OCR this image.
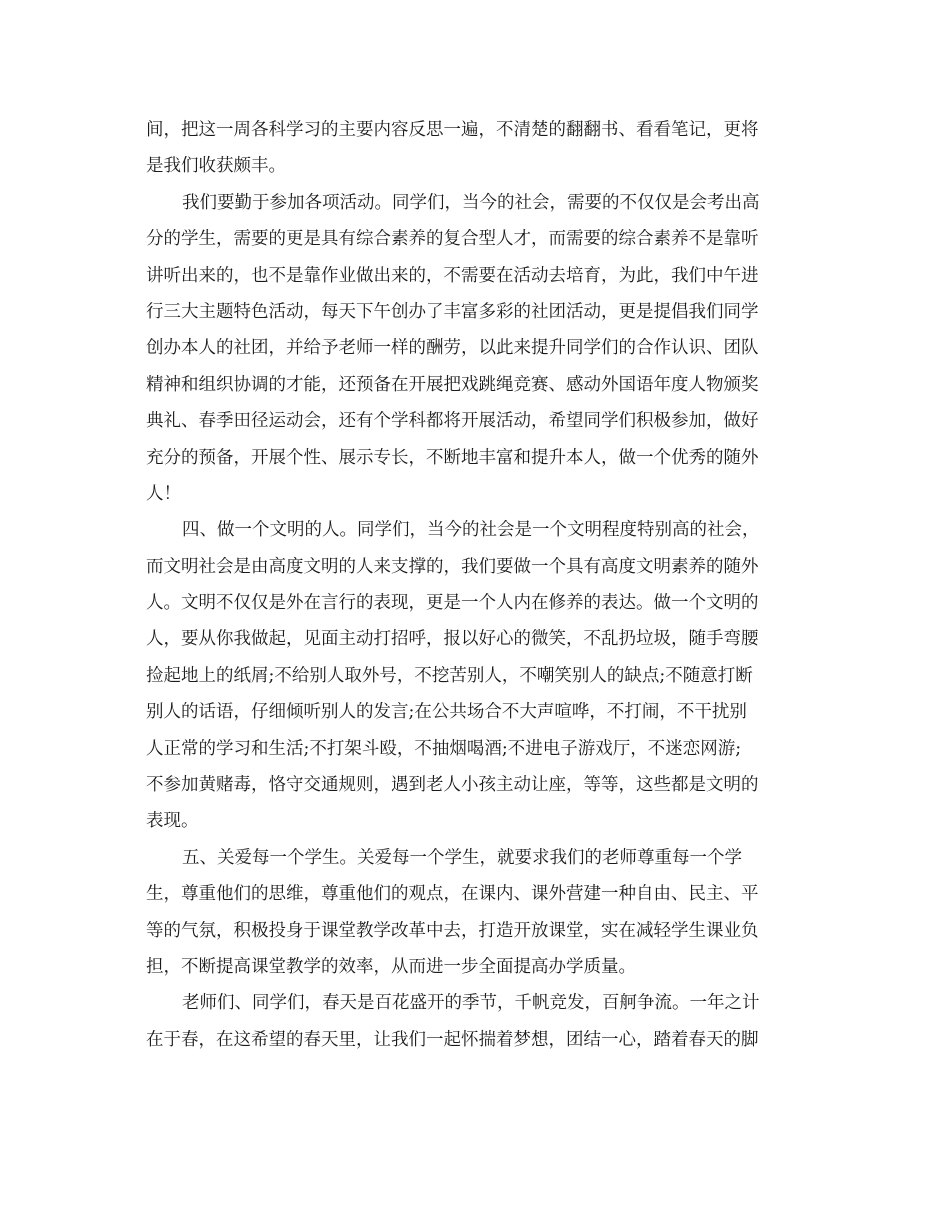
间，把这一周各科学习的主要内容反思一遍，不清楚的翻翻书、看看笔记，更将
是我们收获颇丰。
我们要勤于参加各项活动。同学们，当今的社会，需要的不仅仅是会考出高
分的学生，需要的更是具有综合素养的复合型人才，而需要的综合素养不是靠听
讲听出来的，也不是靠作业做出来的，不需要在活动去培育，为此，我们中午进
行三大主题特色活动，每天下午创办了丰富多彩的社团活动，更是提倡我们同学
创办本人的社团，并给予老师一样的酬劳，以此来提升同学们的合作认识、团队
精神和组织协调的才能，还预备在开展把戏跳绳竞赛、感动外国语年度人物颁奖
典礼、春季田径运动会，还有个学科都将开展活动，希望同学们积极参加，做好
充分的预备，开展个性、展示专长，不断地丰富和提升本人，做一个优秀的随外
人！
四、做一个文明的人。同学们，当今的社会是一个文明程度特别高的社会，
而文明社会是由高度文明的人来支撑的，我们要做一个具有高度文明素养的随外
人。文明不仅仅是外在言行的表现，更是一个人内在修养的表达。做一个文明的
人，要从你我做起，见面主动打招呼，报以好心的微笑，不乱扔垃圾，随手弯腰
捡起地上的纸屑;不给别人取外号，不挖苦别人，不嘲笑别人的缺点;不随意打断
别人的话语，仔细倾听别人的发言;在公共场合不大声喧哗，不打闹，不干扰别
人正常的学习和生活;不打架斗殴，不抽烟喝酒;不进电子游戏厅，不迷恋网游;
不参加黄赌毒，恪守交通规则，遇到老人小孩主动让座，等等，这些都是文明的
表现。
五、关爱每一个学生。关爱每一个学生，就要求我们的老师尊重每一个学
生，尊重他们的思维，尊重他们的观点，在课内、课外营建一种自由、民主、平
等的气氛，积极投身于课堂教学改革中去，打造开放课堂，实在减轻学生课业负
担，不断提高课堂教学的效率，从而进一步全面提高办学质量。
老师们、同学们，春天是百花盛开的季节，千帆竞发，百舸争流。一年之计
在于春，在这希望的春天里，让我们一起怀揣着梦想，团结一心，踏着春天的脚
